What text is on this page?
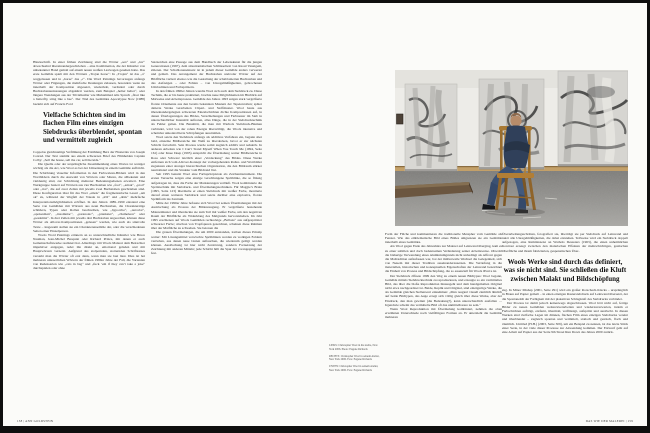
Hinzuschrift. In einer frühen Zeichnung sind die Wörter „sex“ und „luv“ abwechselnd übereinandergeschrieben – eine Kombination, die der Künstler von unbekannter Hand gemalt auf einem neuen weißen Lastwagen gesehen hatte. Das erste Gemälde spielt mit den Wörtern „Trojan horse“: In „Trojan“ ist das „a“ weggelassen und in „horse“ das „r“. Die Word Paintings bevorzugen anfangs Wörter oder Fügungen, die mehrfache Deutungen zulassen, besonders wenn sie innerhalb der Komposition abgesetzt, wiederholt, verändert oder durch Buchstabenauslassungen abgekürzt werden, zum Beispiel „helter helter“, oder längere Wendungen aus der Trivialkultur wie Muhammad Alis Spruch „float like a butterfly, sting like a bee“. Der Titel des Gemäldes Apocalypse Now (1988) bezieht sich auf Francis Ford

Vielfache Schichten sind im flachen Film eines einzigen Siebdrucks überblendet, spontan und vermittelt zugleich

Coppolas gleichnamige Verfilmung der Erzählung Herz der Finsternis von Joseph Conrad. Der Text stammt aus einem schwarzen Brief des Filmhelden Captain Colby: „Sell the house, sell the car, sell the kids.“

Die Quelle oder der ursprüngliche Zusammenhang eines Wortes ist weniger wichtig als die Art, wie Wool es bei der Umsetzung in einem Gemälde aufbricht. Die Schichtung visueller Information in den Farbwalzen-Bildern wird in den Wortbildern durch die Auswahl von Wörtern oder Sätzen, die allbekannt und vieldeutig sind, zur Schichtung mehrerer Bedeutungsebenen erweitert. Eine Werkgruppe basiert auf Wörtern aus vier Buchstaben wie „fool“, „amok“, „prod“ oder „riot“, die auf zwei Zeilen mit jeweils zwei Buchstaben geschrieben sind. Diese Konfiguration lässt für das Wort „amok“ die fragmentarische Lesart „am ok“ zu, während der Wegfall der Vokale in „trbl“ und „drnk“ mehrfache Interpretationsmöglichkeiten eröffnet. In den Jahren 1989–1990 entstand eine Serie von Gemälden mit Wörtern aus neun Buchstaben, die Charakterzüge schildern, Typen oder Rollen beschreiben, wie „hypocrite“, „terrorist“, „spokesman“, „insomniac“, „paranoiac“, „prankster“, „chameleon“ oder „pessimist“. In drei Zeilen mit jeweils drei Buchstaben angeordnet, können diese Wörter als Allover-Kompositionen „gelesen“ werden, wie auch als sinnvolle Texte – insgesamt stellen sie ein Charakterensemble dar, oder die verschiedenen Seiten einer Einzelperson.

Wools Word Paintings erinnern an so unterschiedliche Künstler wie Bruce Nauman, Jean-Michel Basquiat oder Richard Prince, mit denen er auch Gemeinschaftswerke realisiert hat. Allerdings tritt Wools Malerei dem Betrachter impulsiver entgegen, redet ihn direkt an, emotional geladen und mit Hauptwörtern vernetzt. Aufgrund des stolpernden, stotternden Schriftsatzes versteht man die Wörter oft erst dann, wenn man sie laut liest. Dies ist bei mehreren unleserlichen Wörtern der frühen 1990er Jahre der Fall, die Varianten von Redensarten wie „cats in bag“ und „fuck ’em if they can’t take a joke“ durchspielen oder ohne

Satzzeichen eine Passage aus dem Handbuch der Lebenskunst für die jungen Generationen (1967), dem situationistischen Schlüsseltext von Raoul Vaneigem, zitieren. Der Schabloneneinsatz ist in jedem dieser Gemälde anders verwertet und gemalt. Das Arrangement der Buchstaben und/oder Wörter auf der Bildfläche variiert ebenso wie die Gestaltung der schablonierten Buchstaben und das Aufzeigen – oder Fehlen – von Unregelmäßigkeiten, gebrochenen Umrisslinien und Farbspritzern.

In den frühen 1990er Jahren wandte Wool sich auch dem Siebdruck zu. Diese Technik, die er bis heute praktiziert, brachte neue Möglichkeiten im Hinblick auf Malweise und Arbeitsprozess. Gemälde des Jahres 1993 zeigen stark vergrößerte florale Ornamente aus den bereits bekannten Mustern der Tapetenrollen; später datierte Werke verarbeiten Clipart- und Stoffmuster. Wool baute aus übereinandergelegten schwarzen Einzelschichten dichte Kompositionen auf, in denen Überlagerungen des Bildes, Verschiebungen und Farbnester im Sieb in unterschiedlicher Intensität auftreten, alles Dinge, die in der Siebdrucktechnik als Fehler gelten. Die Banalität, die man mit Warhols Siebdruck-Blumen verbindet, wird von der rohen Energie überwältigt, die Wools intensive und scheinbar unkontrollierte Schöpfungen ausstrahlen.

Wool setzte den Siebdruck anfangs als additives Verfahren ein, begann aber bald, einzelne Bildbereiche mit Weiß zu überdecken, bevor er zur nächsten Schicht fortschritt. Sein Prozess wurde somit zugleich additiv und reduktiv. In anderen Arbeiten wie I Can’t Stand Myself When You Touch Me (1994, Seite 161) oder Knee Deep (1995) entspricht die Übermalung weiter Bildbereiche in Rosa oder Schwarz letztlich einer „Verdeckung“ des Bildes. Diese Werke entfernen sich vom Allover-Konzept der vorhergehenden Roller- und Wortbilder zugunsten einer strenger hierarchischen Organisation, die den Bildraum stärker neutralisiert und die Struktur vom Bildrand löst.

Seit 1995 benutzt Wool eine Farbspritzpistole als Zeicheninstrument. Die ersten Versuche zeigen eine einzige verschlungene Sprühlinie, die so flüssig aufgetragen ist, dass die Farbe der Markierungen verläuft. Wool kombinierte die Spritztechnik mit Siebdruck- und Übermalungstechniken. Für Maggie’s Brain (1995, Seite 123) übermalte er einen Siebdruck mit weißer Farbe, montierte darauf einen weiteren Siebdruck und setzte darüber eine explosive, florale Sprühform ins Zentrum.

Mitte der 1990er Jahre befasste sich Wool bei seinen Übermalungen mit der Auslöschung als Prozess der Bilderzeugung. Er vergrößerte bestehende Malereimuster und überdeckte sie zum Teil mit weißer Farbe, um den negativen Raum der Bildfläche als Widerklang des Malgrunds hervorzuheben. Im Jahr 1995 erschienen auf Wools Gemälden rechteckige „Ballons“ aus aufgespritzter schwarzer Farbe; obschon von Tropfspuren gezeichnet, scheinen diese Rahmen über der Malfläche zu schweben. Sie betonen die

Die grauen Übermalungen, die um 2000 entstanden, treiben dieses Prinzip weiter: Mit Lösungsmittel verwischte Sprühlinien werden zu wolkigen Feldern verrieben, aus denen neue Linien auftauchen, die wiederum getilgt werden können. Auslöschung ist hier nicht Zerstörung, sondern Fortsetzung der Zeichnung mit anderen Mitteln; jede Schicht hält die Spur der vorangegangenen fest.

158 | ANN GOLDSTEIN

LINKS: Christopher Wool in his studio, New York 2006. Photo: Eugene Richards

RECHTS: Christopher Wool in seinem Atelier, New York 2006. Foto: Eugene Richards

UNTEN: Christopher Wool in seinem Atelier, New York 2006. Foto: Eugene Richards

Form der Fläche und kommentieren die traditionelle Metapher vom Gemälde als Fenster. Wie das emblematische Bild eines Bildes umgrenzen sie ein Gemälde innerhalb eines Gemäldes.

Als Wool gegen Ende des Jahrzehnts zur Malerei auf Leinwand überging, kam es zu einer subtilen und doch bedeutsamen Veränderung seiner Arbeitsweise. Obwohl die bisherige Verwendung eines Aluminiumgrunds nicht unbedingt als Affront gegen die Maltradition aufzufassen war, bot der mittlerweile Wechsel die Gelegenheit, sich von Neuem mit dieser Tradition auseinanderzusetzen. Die Vertiefung in die materiellen, historischen und konzeptuellen Eigenschaften der Leinwand bezeichnet die Einheit von Prozess und Bildschöpfung, die so essenziell für Wools Œuvre ist.

Der Siebdruck öffnete 1999 den Weg zu einem neuen Bildtypus: Wool begann, Gemälde mittels Siebdrucktechnik zu reproduzieren, und erzeugte so ein vermitteltes Bild, das über die bloße Reproduktion hinausgeht und dem handgemalten Original nicht etwa nachgeordnet ist. Beide, Replik und Original, sind einzigartige Werke, die als Gemälde gleichen Stellenwert einnehmen: „Man reagiert visuell ziemlich ähnlich auf beide Bildtypen, das Auge erregt sich völlig gleich über diese Werke, aber der Eindruck, den man gewinnt (die Bedeutung?), kann unterschiedlich ausfallen … Irgendwie scheint das vermittelte Bild oft das unmittelbarere zu sein.“

Wenn Wool Reproduktion mit Übermalung kombiniert, nehmen die oben erwähnten Unterschiede noch vielfältigere Formen an. Er unterzieht die Gemälde mehreren

Überarbeitungsschritten, fotografiert sie, überträgt sie per Siebdruck auf Leinwand und nutzt alle Unregelmäßigkeiten, die dabei entstehen. Teilweise wird ein Siebdruck doppelt aufgezogen, eine Reminiszenz an Warhols Desasters (1963), die einen unheimlichen Kontrast erzeugt zwischen den malerischen Effekten der mehrschichtigen, gestischen Oberfläche und ihrem fabrizierten, gespenstischen Über-

Wools Werke sind durch das definiert, was sie nicht sind. Sie schließen die Kluft zwischen Malakt und Bildschöpfung

zug. In Minor Mishap (2001, Seite 291) wird ein großer Rorschach-Klecks – ursprünglich in Braun auf Papier gemalt – in einen einzigen Rastersiebdruck auf Leinwand übersetzt, der die Spontaneität der Farbigkeit mit der plakativen Schlagkraft des Siebdrucks verbindet.

Der Prozess ist damit jedoch keineswegs abgeschlossen. Wool hört nicht auf, fertige Bilder zu neuen Gemälden weiterzuverarbeiten und wiederzuverwerten, indem er Farbschichten aufträgt, entfernt, übermalt, verflüssigt, aufspritzt und auslöscht. In diesen Werken sind vielfache Lagen im dünnen, flachen Film eines einzigen Siebdrucks vereint und überblendet – zugleich spontan und vermittelt, statisch und gestisch, flach und räumlich. Untitled (H.H.) (2003, Seite 309), um ein Beispiel zu nennen, ist das letzte Stück einer Serie, in der viele dieser Prozesse zur Anwendung kommen. Der Entwurf geht auf eine Arbeit auf Papier aus der Serie 9th Street Run Down des Jahres 2000 zurück.

DAS WIE DER MALEREI | 159
